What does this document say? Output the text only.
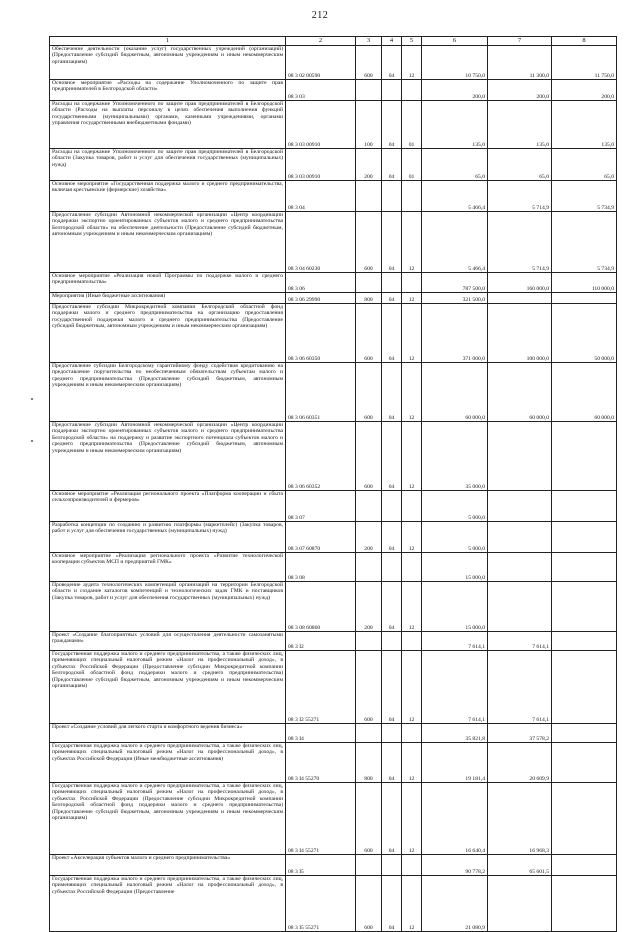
212
1	2	3	4	5	6	7	8
Обеспечение деятельности (оказание услуг) государственных учреждений (организаций) (Предоставление субсидий бюджетным, автономным учреждениям и иным некоммерческим организациям)	08 3 02 00590	600	04	12	10 750,0	11 300,0	11 750,0
Основное мероприятие «Расходы на содержание Уполномоченного по защите прав предпринимателей в Белгородской области»	08 3 03				200,0	200,0	200,0
Расходы на содержание Уполномоченного по защите прав предпринимателей в Белгородской области (Расходы на выплаты персоналу в целях обеспечения выполнения функций государственными (муниципальными) органами, казенными учреждениями, органами управления государственными внебюджетными фондами)	08 3 03 00910	100	04	01	135,0	135,0	135,0
Расходы на содержание Уполномоченного по защите прав предпринимателей в Белгородской области (Закупка товаров, работ и услуг для обеспечения государственных (муниципальных) нужд)	08 3 03 00910	200	04	01	65,0	65,0	65,0
Основное мероприятие «Государственная поддержка малого и среднего предпринимательства, включая крестьянские (фермерские) хозяйства»	08 3 04				5 466,4	5 714,9	5 734,9
Предоставление субсидии Автономной некоммерческой организации «Центр координации поддержки экспортно ориентированных субъектов малого и среднего предпринимательства Белгородской области» на обеспечение деятельности (Предоставление субсидий бюджетным, автономным учреждениям и иным некоммерческим организациям)	08 3 04 60230	600	04	12	5 466,4	5 714,9	5 734,9
Основное мероприятие «Реализация новой Программы по поддержке малого и среднего предпринимательства»	08 3 06				787 500,0	160 000,0	110 000,0
Мероприятия (Иные бюджетные ассигнования)	08 3 06 29990	800	04	12	321 500,0		
Предоставление субсидии Микрокредитной компании Белгородский областной фонд поддержки малого и среднего предпринимательства на организацию предоставления государственной поддержки малого и среднего предпринимательства (Предоставление субсидий бюджетным, автономным учреждениям и иным некоммерческим организациям)	08 3 06 60350	600	04	12	371 000,0	100 000,0	50 000,0
Предоставление субсидии Белгородскому гарантийному фонду содействия кредитованию на предоставление поручительства по необеспеченным обязательствам субъектам малого и среднего предпринимательства (Предоставление субсидий бюджетным, автономным учреждениям и иным некоммерческим организациям)	08 3 06 60351	600	04	12	60 000,0	60 000,0	60 000,0
Предоставление субсидии Автономной некоммерческой организации «Центр координации поддержки экспортно ориентированных субъектов малого и среднего предпринимательства Белгородской области» на поддержку и развитие экспортного потенциала субъектов малого и среднего предпринимательства (Предоставление субсидий бюджетным, автономным учреждениям и иным некоммерческим организациям)	08 3 06 60352	600	04	12	35 000,0		
Основное мероприятие «Реализация регионального проекта «Платформа кооперации и сбыта сельхозпроизводителей и фермеров»	08 3 07				5 000,0		
Разработка концепции по созданию и развитию платформы (маркетплейс) (Закупка товаров, работ и услуг для обеспечения государственных (муниципальных) нужд)	08 3 07 60870	200	04	12	5 000,0		
Основное мероприятие «Реализация регионального проекта «Развитие технологической кооперации субъектов МСП и предприятий ГМК»	08 3 08				15 000,0		
Проведение аудита технологических компетенций организаций на территории Белгородской области и создание каталогов компетенций и технологических задач ГМК и поставщиков (Закупка товаров, работ и услуг для обеспечения государственных (муниципальных) нужд)	08 3 08 60860	200	04	12	15 000,0		
Проект «Создание благоприятных условий для осуществления деятельности самозанятыми гражданами»	08 3 I2				7 614,1	7 614,1	
Государственная поддержка малого и среднего предпринимательства, а также физических лиц, применяющих специальный налоговый режим «Налог на профессиональный доход», в субъектах Российской Федерации (Предоставление субсидии Микрокредитной компании Белгородской областной фонд поддержки малого и среднего предпринимательства) (Предоставление субсидий бюджетным, автономным учреждениям и иным некоммерческим организациям)	08 3 I2 55271	600	04	12	7 614,1	7 614,1	
Проект «Создание условий для легкого старта и комфортного ведения бизнеса»	08 3 I4				35 821,8	37 578,2	
Государственная поддержка малого и среднего предпринимательства, а также физических лиц, применяющих специальный налоговый режим «Налог на профессиональный доход», в субъектах Российской Федерации (Иные межбюджетные ассигнования)	08 3 I4 55270	800	04	12	19 181,4	20 609,9	
Государственная поддержка малого и среднего предпринимательства, а также физических лиц, применяющих специальный налоговый режим «Налог на профессиональный доход», в субъектах Российской Федерации (Предоставление субсидии Микрокредитной компании Белгородской областной фонд поддержки малого и среднего предпринимательства) (Предоставление субсидий бюджетным, автономным учреждениям и иным некоммерческим организациям)	08 3 I4 55271	600	04	12	16 640,4	16 968,3	
Проект «Акселерация субъектов малого и среднего предпринимательства»	08 3 I5				90 778,2	65 601,5	
Государственная поддержка малого и среднего предпринимательства, а также физических лиц, применяющих специальный налоговый режим «Налог на профессиональный доход», в субъектах Российской Федерации (Предоставление	08 3 I5 55271	600	04	12	21 080,9		
